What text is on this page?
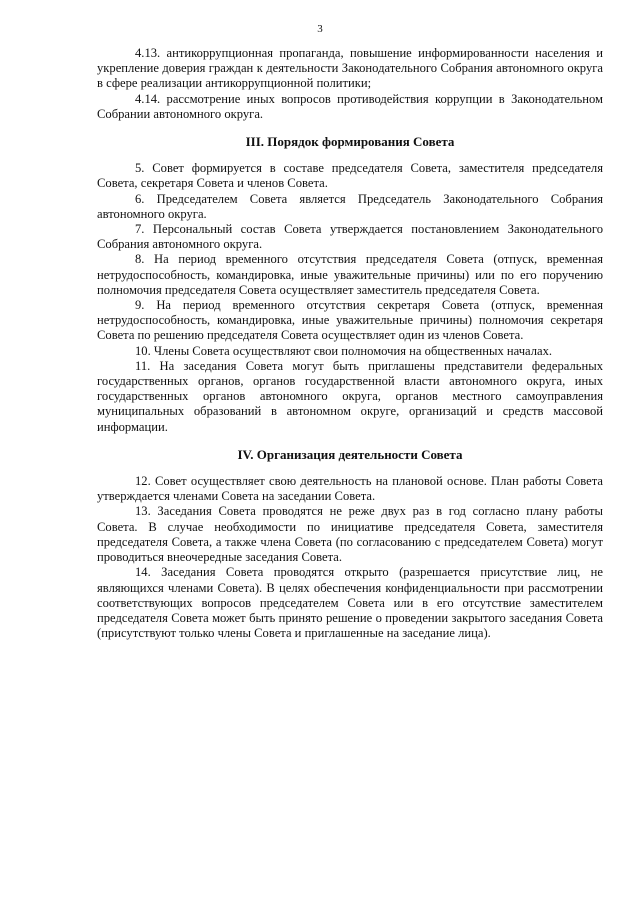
3

4.13. антикоррупционная пропаганда, повышение информированности населения и укрепление доверия граждан к деятельности Законодательного Собрания автономного округа в сфере реализации антикоррупционной политики;

4.14. рассмотрение иных вопросов противодействия коррупции в Законодательном Собрании автономного округа.

III. Порядок формирования Совета

5. Совет формируется в составе председателя Совета, заместителя председателя Совета, секретаря Совета и членов Совета.

6. Председателем Совета является Председатель Законодательного Собрания автономного округа.

7. Персональный состав Совета утверждается постановлением Законодательного Собрания автономного округа.

8. На период временного отсутствия председателя Совета (отпуск, временная нетрудоспособность, командировка, иные уважительные причины) или по его поручению полномочия председателя Совета осуществляет заместитель председателя Совета.

9. На период временного отсутствия секретаря Совета (отпуск, временная нетрудоспособность, командировка, иные уважительные причины) полномочия секретаря Совета по решению председателя Совета осуществляет один из членов Совета.

10. Члены Совета осуществляют свои полномочия на общественных началах.

11. На заседания Совета могут быть приглашены представители федеральных государственных органов, органов государственной власти автономного округа, иных государственных органов автономного округа, органов местного самоуправления муниципальных образований в автономном округе, организаций и средств массовой информации.

IV. Организация деятельности Совета

12. Совет осуществляет свою деятельность на плановой основе. План работы Совета утверждается членами Совета на заседании Совета.

13. Заседания Совета проводятся не реже двух раз в год согласно плану работы Совета. В случае необходимости по инициативе председателя Совета, заместителя председателя Совета, а также члена Совета (по согласованию с председателем Совета) могут проводиться внеочередные заседания Совета.

14. Заседания Совета проводятся открыто (разрешается присутствие лиц, не являющихся членами Совета). В целях обеспечения конфиденциальности при рассмотрении соответствующих вопросов председателем Совета или в его отсутствие заместителем председателя Совета может быть принято решение о проведении закрытого заседания Совета (присутствуют только члены Совета и приглашенные на заседание лица).
